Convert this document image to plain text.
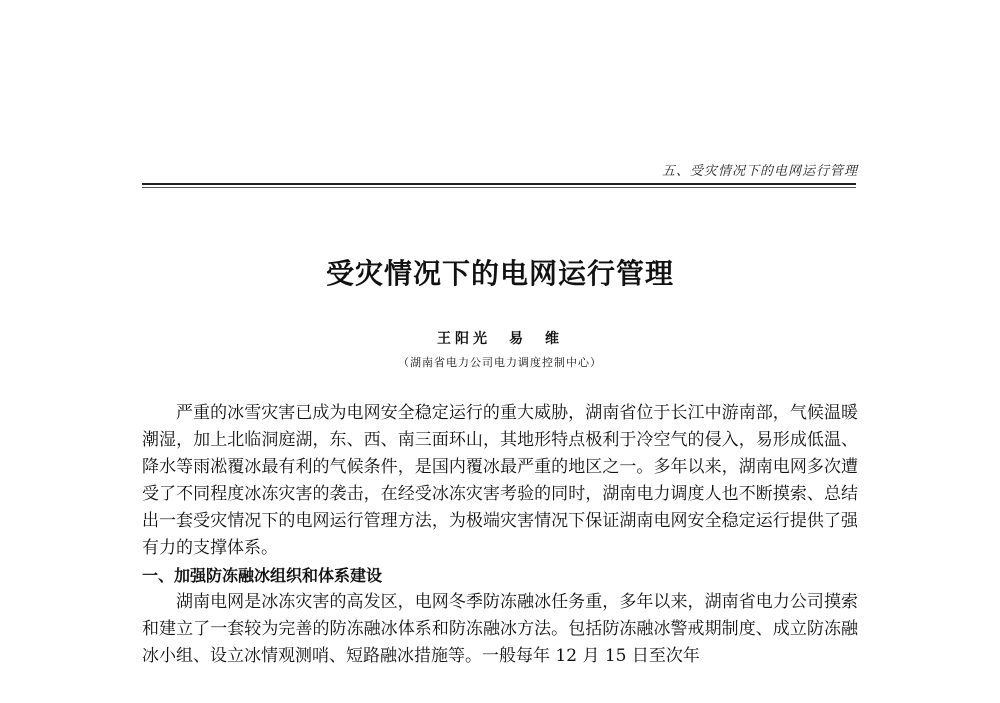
五、受灾情况下的电网运行管理
受灾情况下的电网运行管理
王阳光　易　维
（湖南省电力公司电力调度控制中心）

严重的冰雪灾害已成为电网安全稳定运行的重大威胁，湖南省位于长江中游南部，气候温暖潮湿，加上北临洞庭湖，东、西、南三面环山，其地形特点极利于冷空气的侵入，易形成低温、降水等雨凇覆冰最有利的气候条件，是国内覆冰最严重的地区之一。多年以来，湖南电网多次遭受了不同程度冰冻灾害的袭击，在经受冰冻灾害考验的同时，湖南电力调度人也不断摸索、总结出一套受灾情况下的电网运行管理方法，为极端灾害情况下保证湖南电网安全稳定运行提供了强有力的支撑体系。

一、加强防冻融冰组织和体系建设

湖南电网是冰冻灾害的高发区，电网冬季防冻融冰任务重，多年以来，湖南省电力公司摸索和建立了一套较为完善的防冻融冰体系和防冻融冰方法。包括防冻融冰警戒期制度、成立防冻融冰小组、设立冰情观测哨、短路融冰措施等。一般每年 12 月 15 日至次年
